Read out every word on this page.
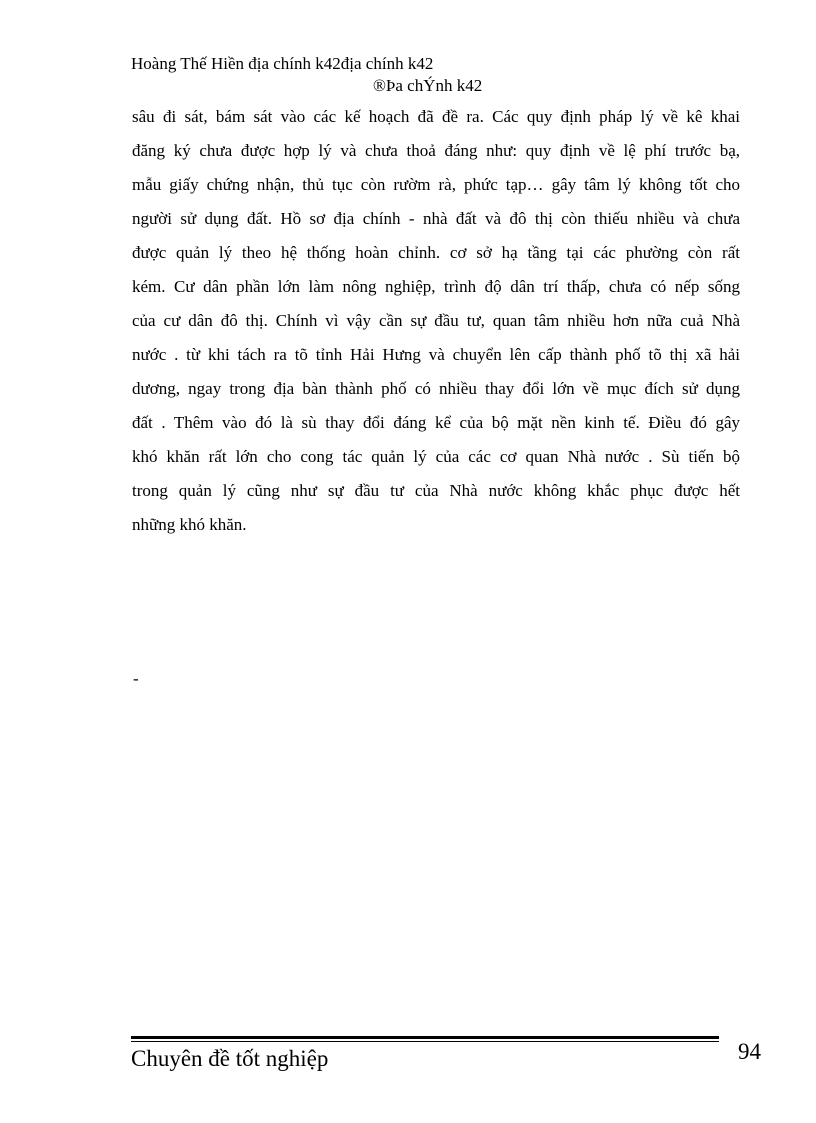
Hoàng Thế Hiền địa chính k42địa chính k42
®Þa chÝnh k42
sâu đi sát, bám sát vào các kế hoạch đã đề ra. Các quy định pháp lý về kê khai
đăng ký chưa được hợp lý và chưa thoả đáng như: quy định về lệ phí trước bạ,
mẫu giấy chứng nhận, thủ tục còn rườm rà, phức tạp… gây tâm lý không tốt cho
người sử dụng đất. Hồ sơ địa chính - nhà đất và đô thị còn thiếu nhiều và chưa
được quản lý theo hệ thống hoàn chỉnh. cơ sở hạ tầng tại các phường còn rất
kém. Cư dân phần lớn làm nông nghiệp, trình độ dân trí thấp, chưa có nếp sống
của cư dân đô thị. Chính vì vậy cần sự đầu tư, quan tâm nhiều hơn nữa cuả Nhà
nước . từ khi tách ra tõ tỉnh Hải Hưng và chuyển lên cấp thành phố tõ thị xã hải
dương, ngay trong địa bàn thành phố có nhiều thay đổi lớn về mục đích sử dụng
đất . Thêm vào đó là sù thay đổi đáng kể của bộ mặt nền kinh tế. Điều đó gây
khó khăn rất lớn cho cong tác quản lý của các cơ quan Nhà nước . Sù tiến bộ
trong quản lý cũng như sự đầu tư của Nhà nước không khắc phục được hết
những khó khăn.
-
Chuyên đề tốt nghiệp	94
